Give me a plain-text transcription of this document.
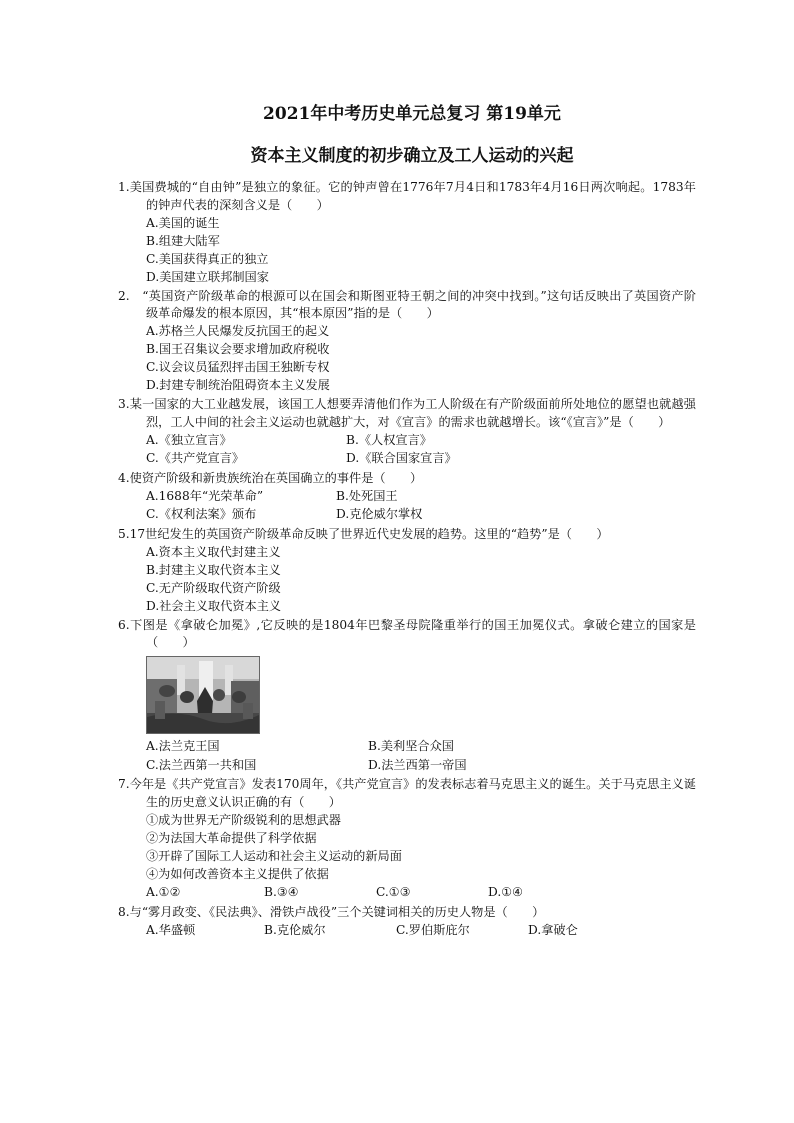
2021年中考历史单元总复习 第19单元
资本主义制度的初步确立及工人运动的兴起

1.美国费城的“自由钟”是独立的象征。它的钟声曾在1776年7月4日和1783年4月16日两次响起。1783年的钟声代表的深刻含义是（　　）

A.美国的诞生
B.组建大陆军
C.美国获得真正的独立
D.美国建立联邦制国家

2.　“英国资产阶级革命的根源可以在国会和斯图亚特王朝之间的冲突中找到。”这句话反映出了英国资产阶级革命爆发的根本原因，其“根本原因”指的是（　　）

A.苏格兰人民爆发反抗国王的起义
B.国王召集议会要求增加政府税收
C.议会议员猛烈抨击国王独断专权
D.封建专制统治阻碍资本主义发展

3.某一国家的大工业越发展，该国工人想要弄清他们作为工人阶级在有产阶级面前所处地位的愿望也就越强烈，工人中间的社会主义运动也就越扩大，对《宣言》的需求也就越增长。该“《宣言》”是（　　）

A.《独立宣言》	B.《人权宣言》
C.《共产党宣言》	D.《联合国家宣言》

4.使资产阶级和新贵族统治在英国确立的事件是（　　）

A.1688年“光荣革命”	B.处死国王
C.《权利法案》颁布	D.克伦威尔掌权

5.17世纪发生的英国资产阶级革命反映了世界近代史发展的趋势。这里的“趋势”是（　　）

A.资本主义取代封建主义
B.封建主义取代资本主义
C.无产阶级取代资产阶级
D.社会主义取代资本主义

6.下图是《拿破仑加冕》,它反映的是1804年巴黎圣母院隆重举行的国王加冕仪式。拿破仑建立的国家是（　　）

A.法兰克王国	B.美利坚合众国
C.法兰西第一共和国	D.法兰西第一帝国

7.今年是《共产党宣言》发表170周年，《共产党宣言》的发表标志着马克思主义的诞生。关于马克思主义诞生的历史意义认识正确的有（　　）

①成为世界无产阶级锐利的思想武器
②为法国大革命提供了科学依据
③开辟了国际工人运动和社会主义运动的新局面
④为如何改善资本主义提供了依据
A.①②	B.③④	C.①③	D.①④

8.与“雾月政变、《民法典》、滑铁卢战役”三个关键词相关的历史人物是（　　）

A.华盛顿	B.克伦威尔	C.罗伯斯庇尔	D.拿破仑
